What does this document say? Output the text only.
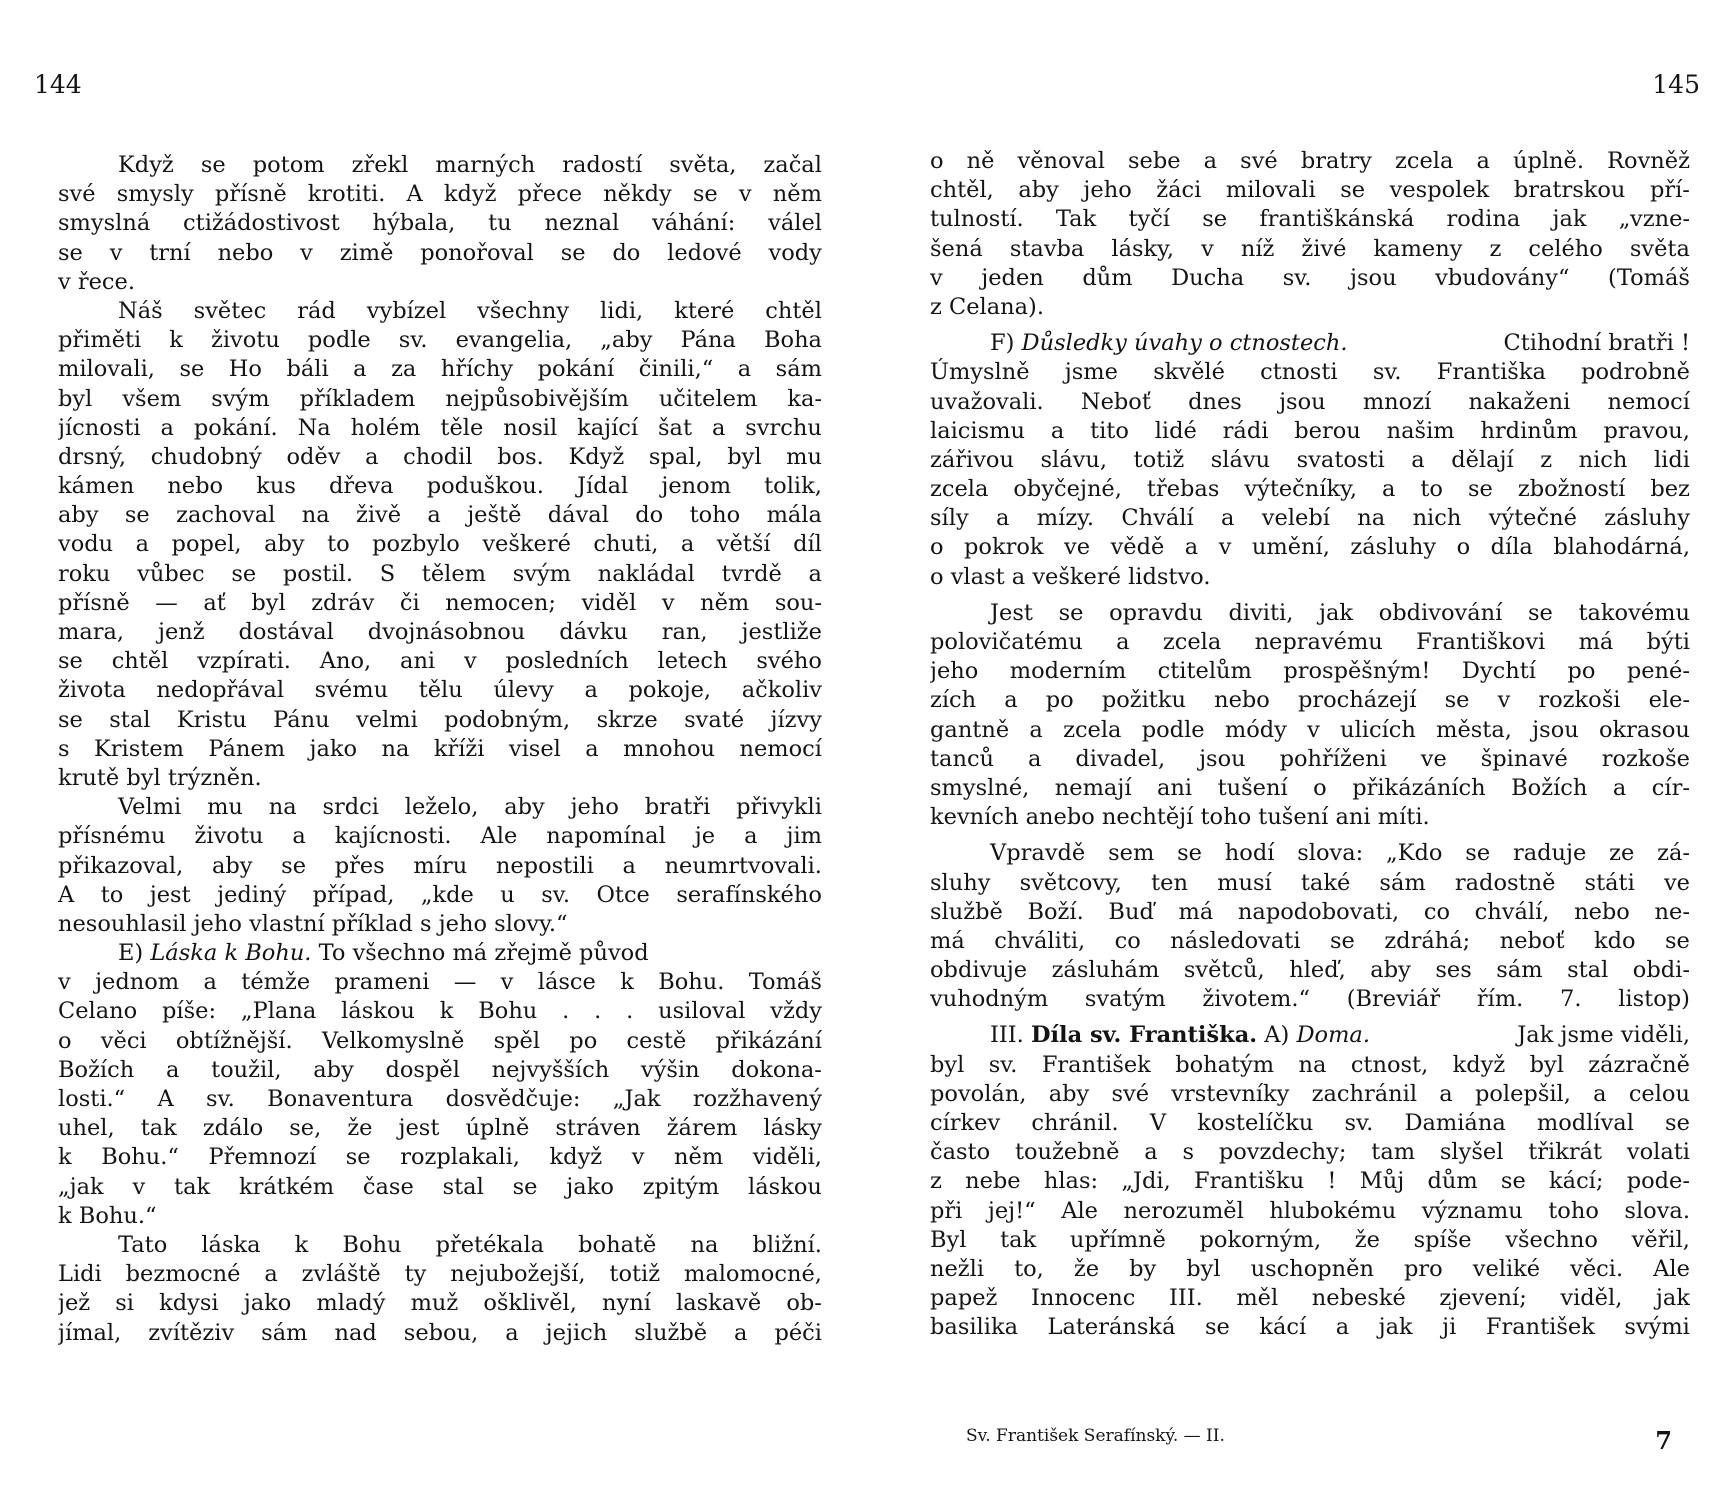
144
Když se potom zřekl marných radostí světa, začal
své smysly přísně krotiti. A když přece někdy se v něm
smyslná ctižádostivost hýbala, tu neznal váhání: válel
se v trní nebo v zimě ponořoval se do ledové vody
v řece.
Náš světec rád vybízel všechny lidi, které chtěl
přiměti k životu podle sv. evangelia, „aby Pána Boha
milovali, se Ho báli a za hříchy pokání činili,“ a sám
byl všem svým příkladem nejpůsobivějším učitelem ka-
jícnosti a pokání. Na holém těle nosil kající šat a svrchu
drsný, chudobný oděv a chodil bos. Když spal, byl mu
kámen nebo kus dřeva poduškou. Jídal jenom tolik,
aby se zachoval na živě a ještě dával do toho mála
vodu a popel, aby to pozbylo veškeré chuti, a větší díl
roku vůbec se postil. S tělem svým nakládal tvrdě a
přísně — ať byl zdráv či nemocen; viděl v něm sou-
mara, jenž dostával dvojnásobnou dávku ran, jestliže
se chtěl vzpírati. Ano, ani v posledních letech svého
života nedopřával svému tělu úlevy a pokoje, ačkoliv
se stal Kristu Pánu velmi podobným, skrze svaté jízvy
s Kristem Pánem jako na kříži visel a mnohou nemocí
krutě byl trýzněn.
Velmi mu na srdci leželo, aby jeho bratři přivykli
přísnému životu a kajícnosti. Ale napomínal je a jim
přikazoval, aby se přes míru nepostili a neumrtvovali.
A to jest jediný případ, „kde u sv. Otce serafínského
nesouhlasil jeho vlastní příklad s jeho slovy.“
E)
Láska k Bohu.
To všechno má zřejmě původ
v jednom a témže prameni — v lásce k Bohu. Tomáš
Celano píše: „Plana láskou k Bohu . . . usiloval vždy
o věci obtížnější. Velkomyslně spěl po cestě přikázání
Božích a toužil, aby dospěl nejvyšších výšin dokona-
losti.“ A sv. Bonaventura dosvědčuje: „Jak rozžhavený
uhel, tak zdálo se, že jest úplně stráven žárem lásky
k Bohu.“ Přemnozí se rozplakali, když v něm viděli,
„jak v tak krátkém čase stal se jako zpitým láskou
k Bohu.“
Tato láska k Bohu přetékala bohatě na bližní.
Lidi bezmocné a zvláště ty nejubožejší, totiž malomocné,
jež si kdysi jako mladý muž ošklivěl, nyní laskavě ob-
jímal, zvítěziv sám nad sebou, a jejich službě a péči
145
o ně věnoval sebe a své bratry zcela a úplně. Rovněž
chtěl, aby jeho žáci milovali se vespolek bratrskou pří-
tulností. Tak tyčí se františkánská rodina jak „vzne-
šená stavba lásky, v níž živé kameny z celého světa
v jeden dům Ducha sv. jsou vbudovány“ (Tomáš
z Celana).
F) Důsledky úvahy o ctnostech.	Ctihodní bratři !
Úmyslně jsme skvělé ctnosti sv. Františka podrobně
uvažovali. Neboť dnes jsou mnozí nakaženi nemocí
laicismu a tito lidé rádi berou našim hrdinům pravou,
zářivou slávu, totiž slávu svatosti a dělají z nich lidi
zcela obyčejné, třebas výtečníky, a to se zbožností bez
síly a mízy. Chválí a velebí na nich výtečné zásluhy
o pokrok ve vědě a v umění, zásluhy o díla blahodárná,
o vlast a veškeré lidstvo.
Jest se opravdu diviti, jak obdivování se takovému
polovičatému a zcela nepravému Františkovi má býti
jeho moderním ctitelům prospěšným! Dychtí po pené-
zích a po požitku nebo procházejí se v rozkoši ele-
gantně a zcela podle módy v ulicích města, jsou okrasou
tanců a divadel, jsou pohříženi ve špinavé rozkoše
smyslné, nemají ani tušení o přikázáních Božích a cír-
kevních anebo nechtějí toho tušení ani míti.
Vpravdě sem se hodí slova: „Kdo se raduje ze zá-
sluhy světcovy, ten musí také sám radostně státi ve
službě Boží. Buď má napodobovati, co chválí, nebo ne-
má chváliti, co následovati se zdráhá; neboť kdo se
obdivuje zásluhám světců, hleď, aby ses sám stal obdi-
vuhodným svatým životem.“ (Breviář řím. 7. listop)
III. Díla sv. Františka. A) Doma.	Jak jsme viděli,
byl sv. František bohatým na ctnost, když byl zázračně
povolán, aby své vrstevníky zachránil a polepšil, a celou
církev chránil. V kostelíčku sv. Damiána modlíval se
často toužebně a s povzdechy; tam slyšel třikrát volati
z nebe hlas: „Jdi, Františku ! Můj dům se kácí; pode-
při jej!“ Ale nerozuměl hlubokému významu toho slova.
Byl tak upřímně pokorným, že spíše všechno věřil,
nežli to, že by byl uschopněn pro veliké věci. Ale
papež Innocenc III. měl nebeské zjevení; viděl, jak
basilika Lateránská se kácí a jak ji František svými
Sv. František Serafínský. — II.	7
